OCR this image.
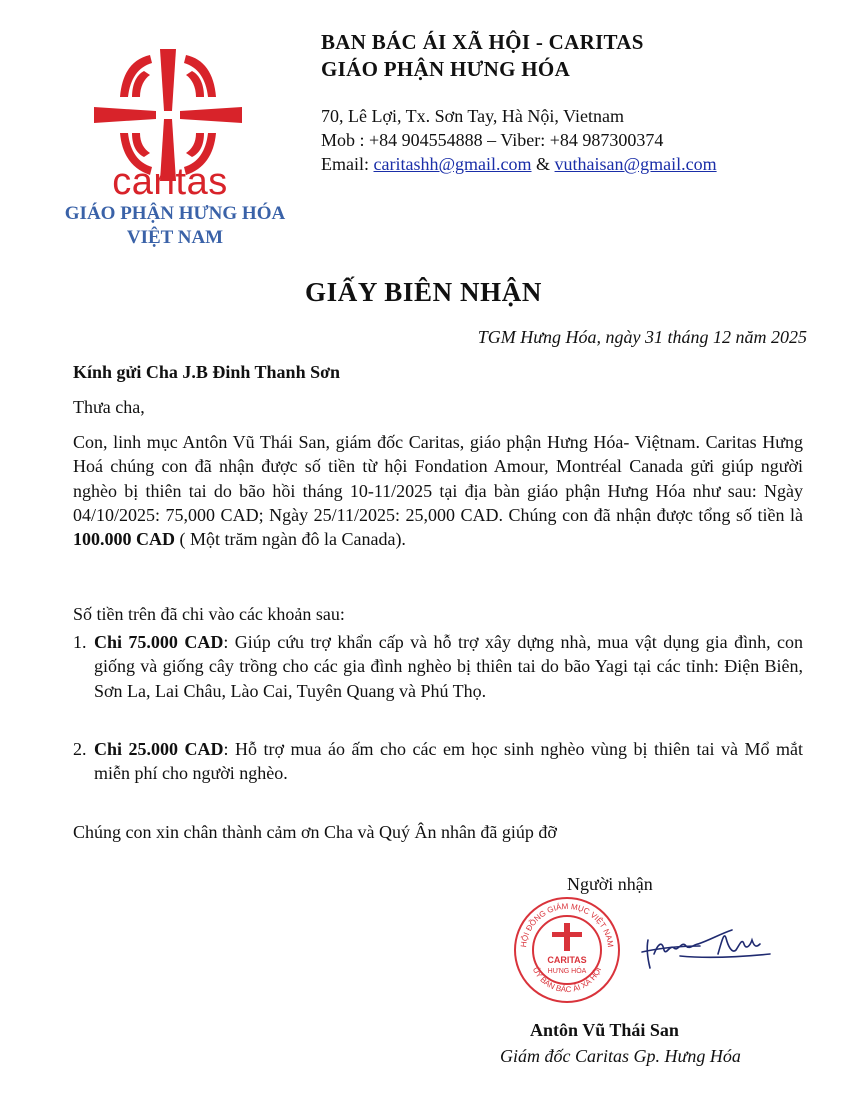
caritas
GIÁO PHẬN HƯNG HÓA
VIỆT NAM
BAN BÁC ÁI XÃ HỘI - CARITAS
GIÁO PHẬN HƯNG HÓA
70, Lê Lợi, Tx. Sơn Tay, Hà Nội, Vietnam
Mob : +84 904554888 – Viber: +84 987300374
Email: caritashh@gmail.com & vuthaisan@gmail.com
GIẤY BIÊN NHẬN
TGM Hưng Hóa, ngày 31 tháng 12 năm 2025
Kính gửi Cha J.B Đinh Thanh Sơn
Thưa cha,

Con, linh mục Antôn Vũ Thái San, giám đốc Caritas, giáo phận Hưng Hóa- Việtnam. Caritas Hưng Hoá chúng con đã nhận được số tiền từ hội Fondation Amour, Montréal Canada gửi giúp người nghèo bị thiên tai do bão hồi tháng 10-11/2025 tại địa bàn giáo phận Hưng Hóa như sau: Ngày 04/10/2025: 75,000 CAD; Ngày 25/11/2025: 25,000 CAD. Chúng con đã nhận được tổng số tiền là 100.000 CAD ( Một trăm ngàn đô la Canada).

Số tiền trên đã chi vào các khoản sau:
1. Chi 75.000 CAD: Giúp cứu trợ khẩn cấp và hỗ trợ xây dựng nhà, mua vật dụng gia đình, con giống và giống cây trồng cho các gia đình nghèo bị thiên tai do bão Yagi tại các tỉnh: Điện Biên, Sơn La, Lai Châu, Lào Cai, Tuyên Quang và Phú Thọ.
2. Chi 25.000 CAD: Hỗ trợ mua áo ấm cho các em học sinh nghèo vùng bị thiên tai và Mổ mắt miễn phí cho người nghèo.
Chúng con xin chân thành cảm ơn Cha và Quý Ân nhân đã giúp đỡ
Người nhận
HỘI ĐỒNG GIÁM MỤC VIỆT NAM
ỦY BAN BÁC ÁI XÃ HỘI
CARITAS
HƯNG HÓA
Antôn Vũ Thái San
Giám đốc Caritas Gp. Hưng Hóa
